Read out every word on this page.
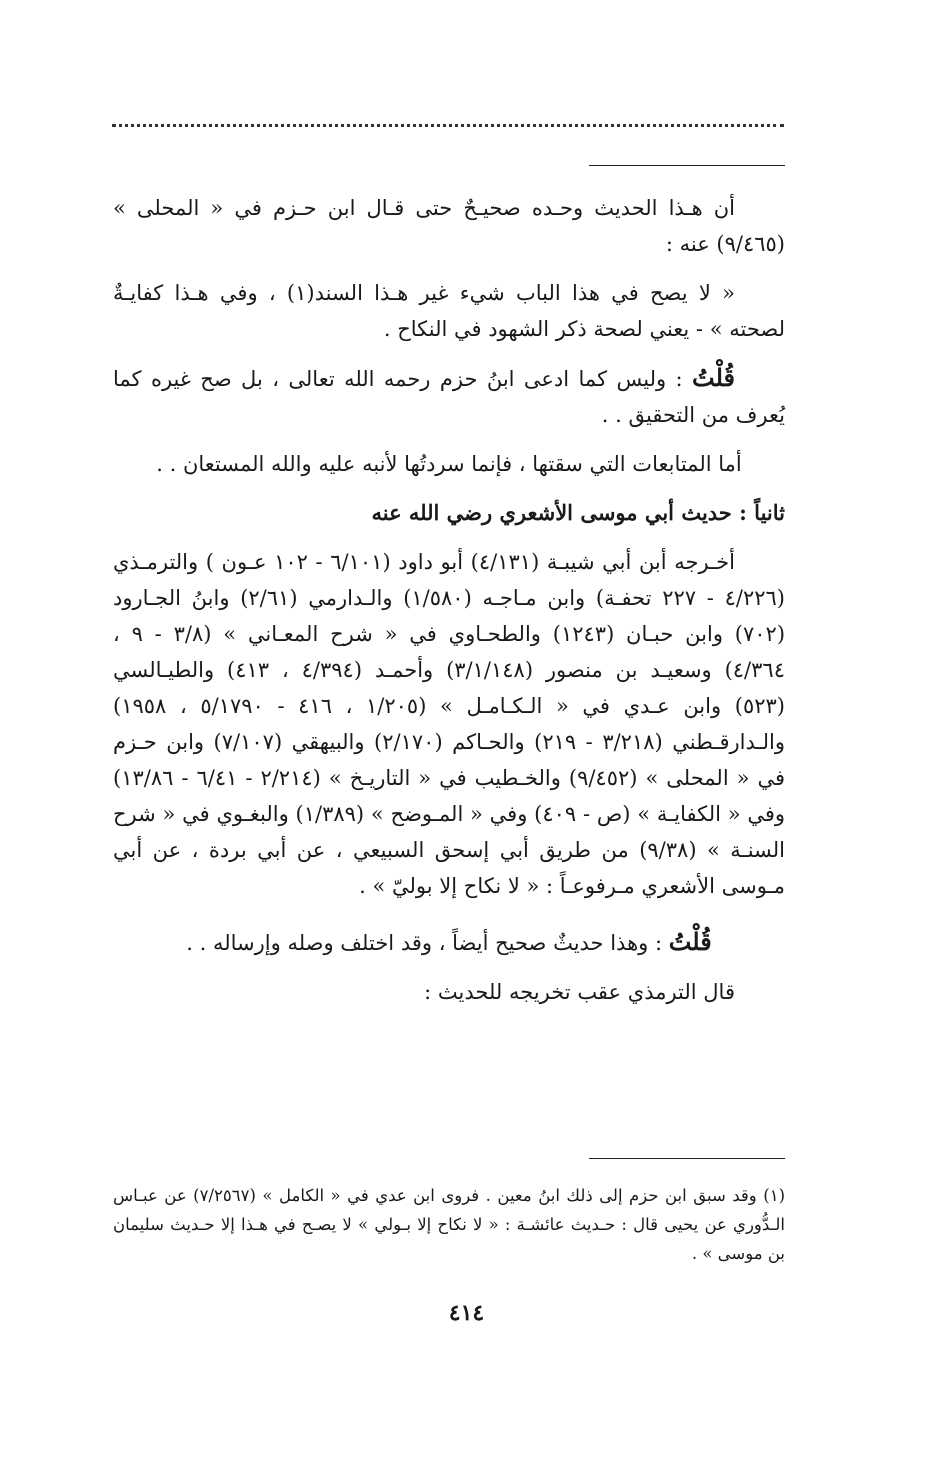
أن هـذا الحديث وحـده صحيـحٌ حتى قـال ابن حـزم في « المحلى » (٩/٤٦٥) عنه :

« لا يصح في هذا الباب شيء غير هـذا السند(١) ، وفي هـذا كفايـةٌ لصحته » - يعني لصحة ذكر الشهود في النكاح .

قُلْتُ : وليس كما ادعى ابنُ حزم رحمه الله تعالى ، بل صح غيره كما يُعرف من التحقيق . .

أما المتابعات التي سقتها ، فإنما سردتُها لأنبه عليه والله المستعان . .

ثانياً : حديث أبي موسى الأشعري رضي الله عنه

أخـرجه أبن أبي شيبـة (٤/١٣١) أبو داود (٦/١٠١ - ١٠٢ عـون ) والترمـذي (٤/٢٢٦ - ٢٢٧ تحفـة) وابن مـاجـه (١/٥٨٠) والـدارمي (٢/٦١) وابنُ الجـارود (٧٠٢) وابن حبـان (١٢٤٣) والطحـاوي في « شرح المعـاني » (٣/٨ - ٩ ، ٤/٣٦٤) وسعيـد بن منصور (٣/١/١٤٨) وأحمـد (٤/٣٩٤ ، ٤١٣) والطيـالسي (٥٢٣) وابن عـدي في « الـكـامـل » (١/٢٠٥ ، ٤١٦ - ٥/١٧٩٠ ، ١٩٥٨) والـدارقـطني (٣/٢١٨ - ٢١٩) والحـاكم (٢/١٧٠) والبيهقي (٧/١٠٧) وابن حـزم في « المحلى » (٩/٤٥٢) والخـطيب في « التاريـخ » (٢/٢١٤ - ٦/٤١ - ١٣/٨٦) وفي « الكفايـة » (ص - ٤٠٩) وفي « المـوضح » (١/٣٨٩) والبغـوي في « شرح السنـة » (٩/٣٨) من طريق أبي إسحق السبيعي ، عن أبي بردة ، عن أبي مـوسى الأشعري مـرفوعـاً : « لا نكاح إلا بوليّ » .

قُلْتُ : وهذا حديثٌ صحيح أيضاً ، وقد اختلف وصله وإرساله . .

قال الترمذي عقب تخريجه للحديث :

(١) وقد سبق ابن حزم إلى ذلك ابنُ معين . فروى ابن عدي في « الكامل » (٧/٢٥٦٧) عن عبـاس الـدُّوري عن يحيى قال : حـديث عائشـة : « لا نكاح إلا بـولي » لا يصـح في هـذا إلا حـديث سليمان بن موسى » .

٤١٤
